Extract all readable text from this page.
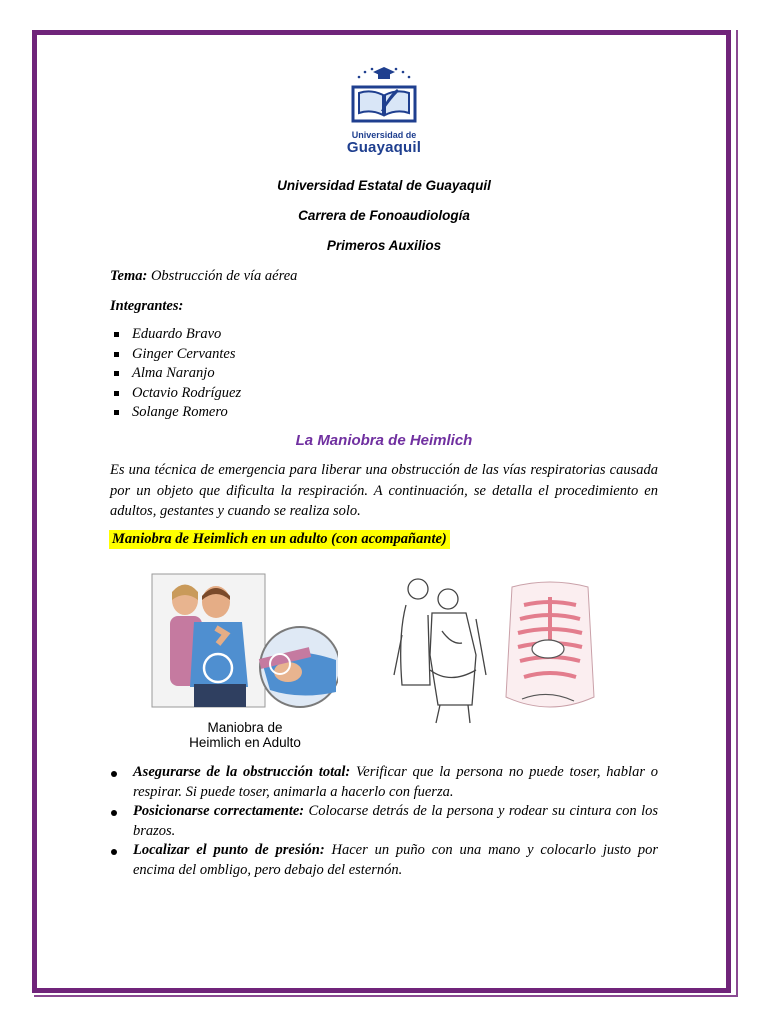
Universidad de
Guayaquil
Universidad Estatal de Guayaquil
Carrera de Fonoaudiología
Primeros Auxilios
Tema: Obstrucción de vía aérea
Integrantes:
Eduardo Bravo
Ginger Cervantes
Alma Naranjo
Octavio Rodríguez
Solange Romero
La Maniobra de Heimlich
Es una técnica de emergencia para liberar una obstrucción de las vías respiratorias causada por un objeto que dificulta la respiración. A continuación, se detalla el procedimiento en adultos, gestantes y cuando se realiza solo.
Maniobra de Heimlich en un adulto (con acompañante)
Maniobra de
Heimlich en Adulto
Asegurarse de la obstrucción total: Verificar que la persona no puede toser, hablar o respirar. Si puede toser, animarla a hacerlo con fuerza.
Posicionarse correctamente: Colocarse detrás de la persona y rodear su cintura con los brazos.
Localizar el punto de presión: Hacer un puño con una mano y colocarlo justo por encima del ombligo, pero debajo del esternón.
